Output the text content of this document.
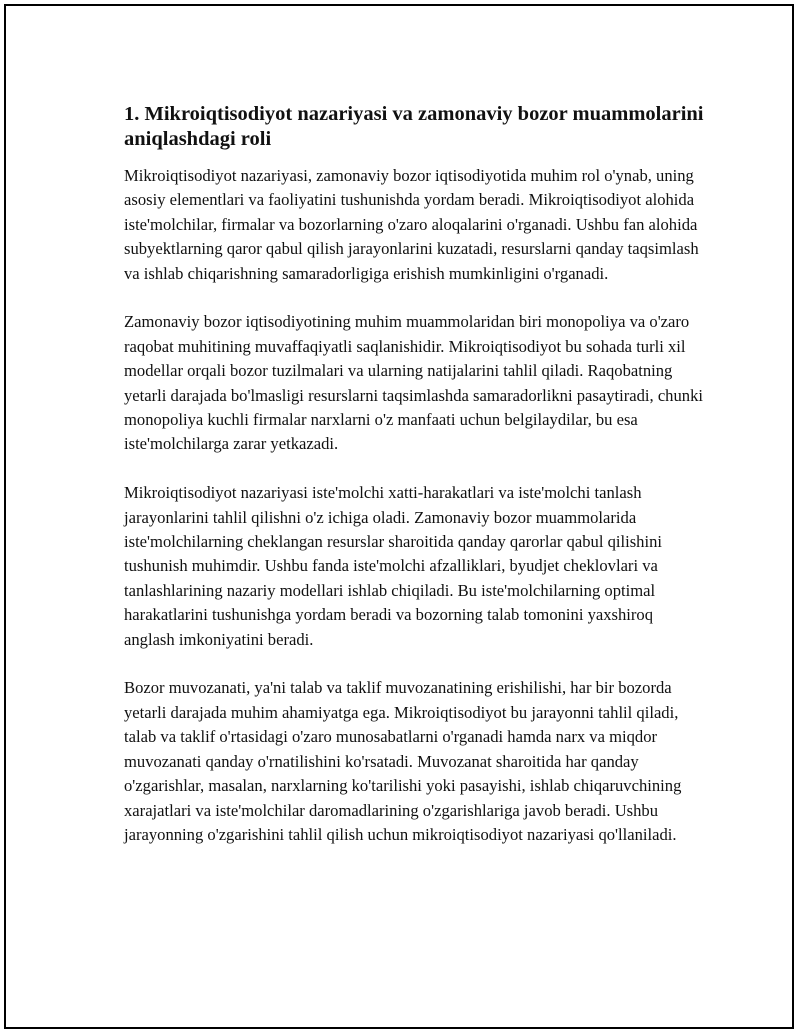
1. Mikroiqtisodiyot nazariyasi va zamonaviy bozor muammolarini aniqlashdagi roli

Mikroiqtisodiyot nazariyasi, zamonaviy bozor iqtisodiyotida muhim rol o'ynab, uning asosiy elementlari va faoliyatini tushunishda yordam beradi. Mikroiqtisodiyot alohida iste'molchilar, firmalar va bozorlarning o'zaro aloqalarini o'rganadi. Ushbu fan alohida subyektlarning qaror qabul qilish jarayonlarini kuzatadi, resurslarni qanday taqsimlash va ishlab chiqarishning samaradorligiga erishish mumkinligini o'rganadi.

Zamonaviy bozor iqtisodiyotining muhim muammolaridan biri monopoliya va o'zaro raqobat muhitining muvaffaqiyatli saqlanishidir. Mikroiqtisodiyot bu sohada turli xil modellar orqali bozor tuzilmalari va ularning natijalarini tahlil qiladi. Raqobatning yetarli darajada bo'lmasligi resurslarni taqsimlashda samaradorlikni pasaytiradi, chunki monopoliya kuchli firmalar narxlarni o'z manfaati uchun belgilaydilar, bu esa iste'molchilarga zarar yetkazadi.

Mikroiqtisodiyot nazariyasi iste'molchi xatti-harakatlari va iste'molchi tanlash jarayonlarini tahlil qilishni o'z ichiga oladi. Zamonaviy bozor muammolarida iste'molchilarning cheklangan resurslar sharoitida qanday qarorlar qabul qilishini tushunish muhimdir. Ushbu fanda iste'molchi afzalliklari, byudjet cheklovlari va tanlashlarining nazariy modellari ishlab chiqiladi. Bu iste'molchilarning optimal harakatlarini tushunishga yordam beradi va bozorning talab tomonini yaxshiroq anglash imkoniyatini beradi.

Bozor muvozanati, ya'ni talab va taklif muvozanatining erishilishi, har bir bozorda yetarli darajada muhim ahamiyatga ega. Mikroiqtisodiyot bu jarayonni tahlil qiladi, talab va taklif o'rtasidagi o'zaro munosabatlarni o'rganadi hamda narx va miqdor muvozanati qanday o'rnatilishini ko'rsatadi. Muvozanat sharoitida har qanday o'zgarishlar, masalan, narxlarning ko'tarilishi yoki pasayishi, ishlab chiqaruvchining xarajatlari va iste'molchilar daromadlarining o'zgarishlariga javob beradi. Ushbu jarayonning o'zgarishini tahlil qilish uchun mikroiqtisodiyot nazariyasi qo'llaniladi.
